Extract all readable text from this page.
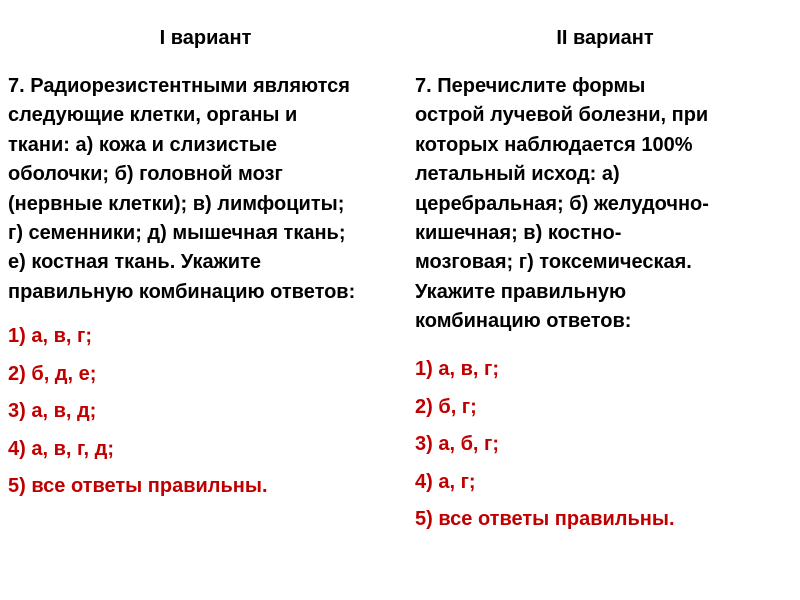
I вариант
7. Радиорезистентными являются
следующие клетки, органы и
ткани: а) кожа и слизистые
оболочки; б) головной мозг
(нервные клетки); в) лимфоциты;
г) семенники; д) мышечная ткань;
е) костная ткань. Укажите
правильную комбинацию ответов:
1) а, в, г;
2) б, д, е;
3) а, в, д;
4) а, в, г, д;
5) все ответы правильны.
II вариант
7. Перечислите формы
острой лучевой болезни, при
которых наблюдается 100%
летальный исход: а)
церебральная; б) желудочно-
кишечная; в) костно-
мозговая; г) токсемическая.
Укажите правильную
комбинацию ответов:
1) а, в, г;
2) б, г;
3) а, б, г;
4) а, г;
5) все ответы правильны.
